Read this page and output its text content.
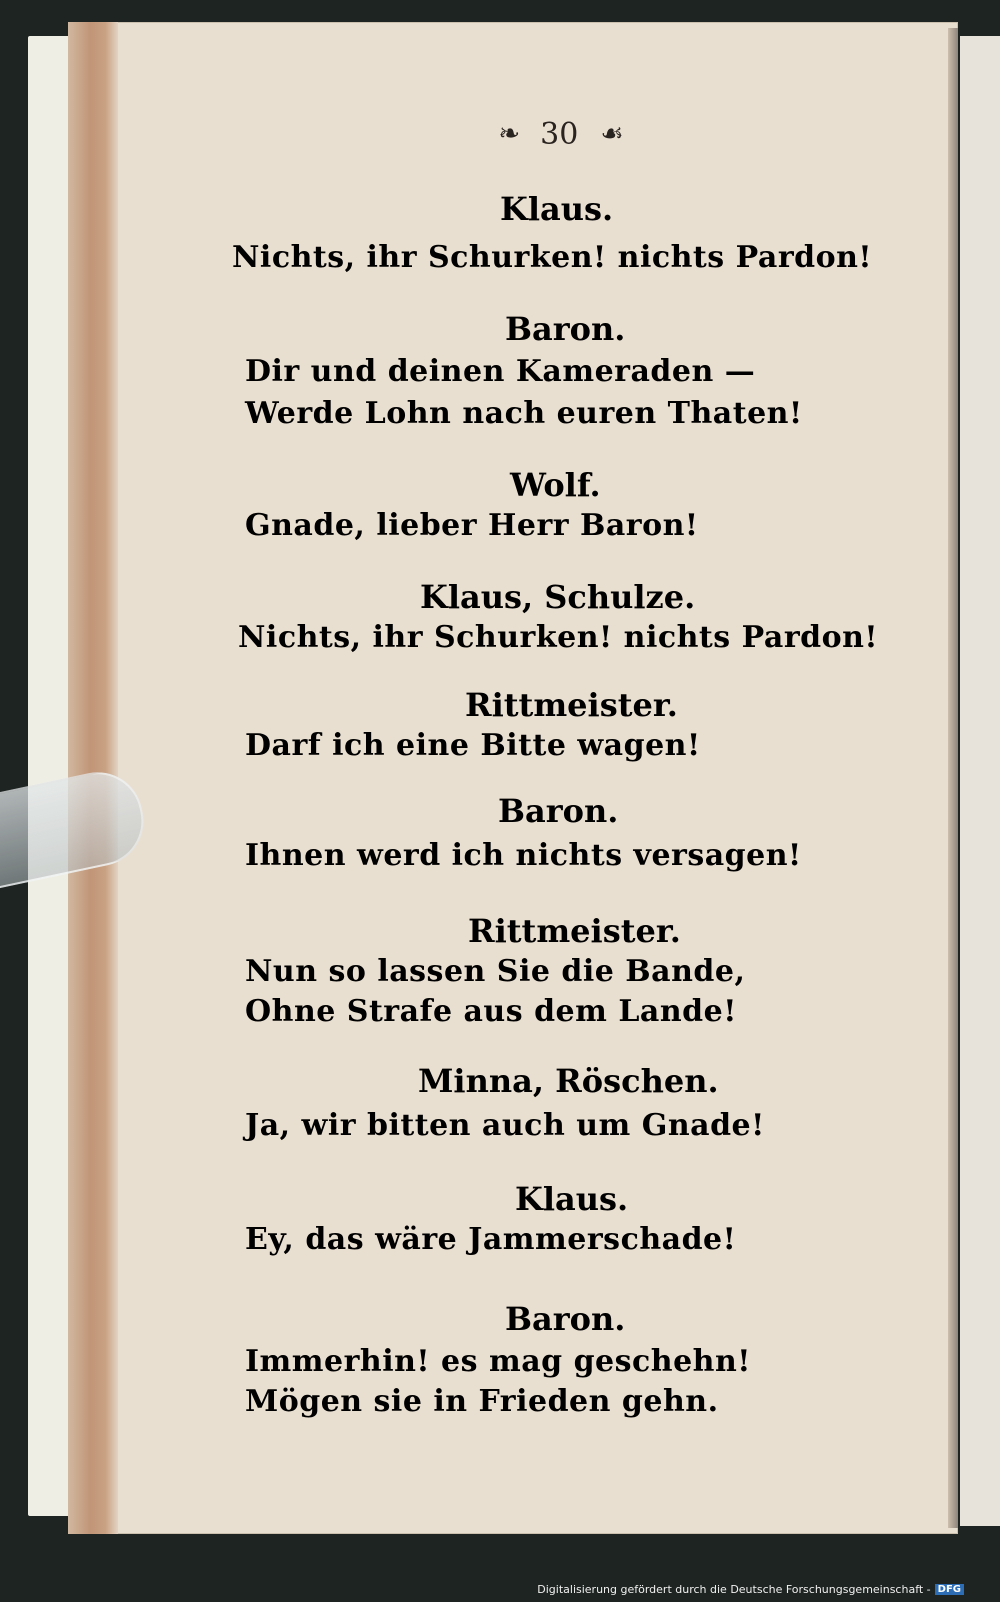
❧ 30 ☙
Klaus.
Nichts, ihr Schurken! nichts Pardon!
Baron.
Dir und deinen Kameraden —
Werde Lohn nach euren Thaten!
Wolf.
Gnade, lieber Herr Baron!
Klaus, Schulze.
Nichts, ihr Schurken! nichts Pardon!
Rittmeister.
Darf ich eine Bitte wagen!
Baron.
Ihnen werd ich nichts versagen!
Rittmeister.
Nun so lassen Sie die Bande,
Ohne Strafe aus dem Lande!
Minna, Röschen.
Ja, wir bitten auch um Gnade!
Klaus.
Ey, das wäre Jammerschade!
Baron.
Immerhin! es mag geschehn!
Mögen sie in Frieden gehn.
Digitalisierung gefördert durch die Deutsche Forschungsgemeinschaft - DFG
